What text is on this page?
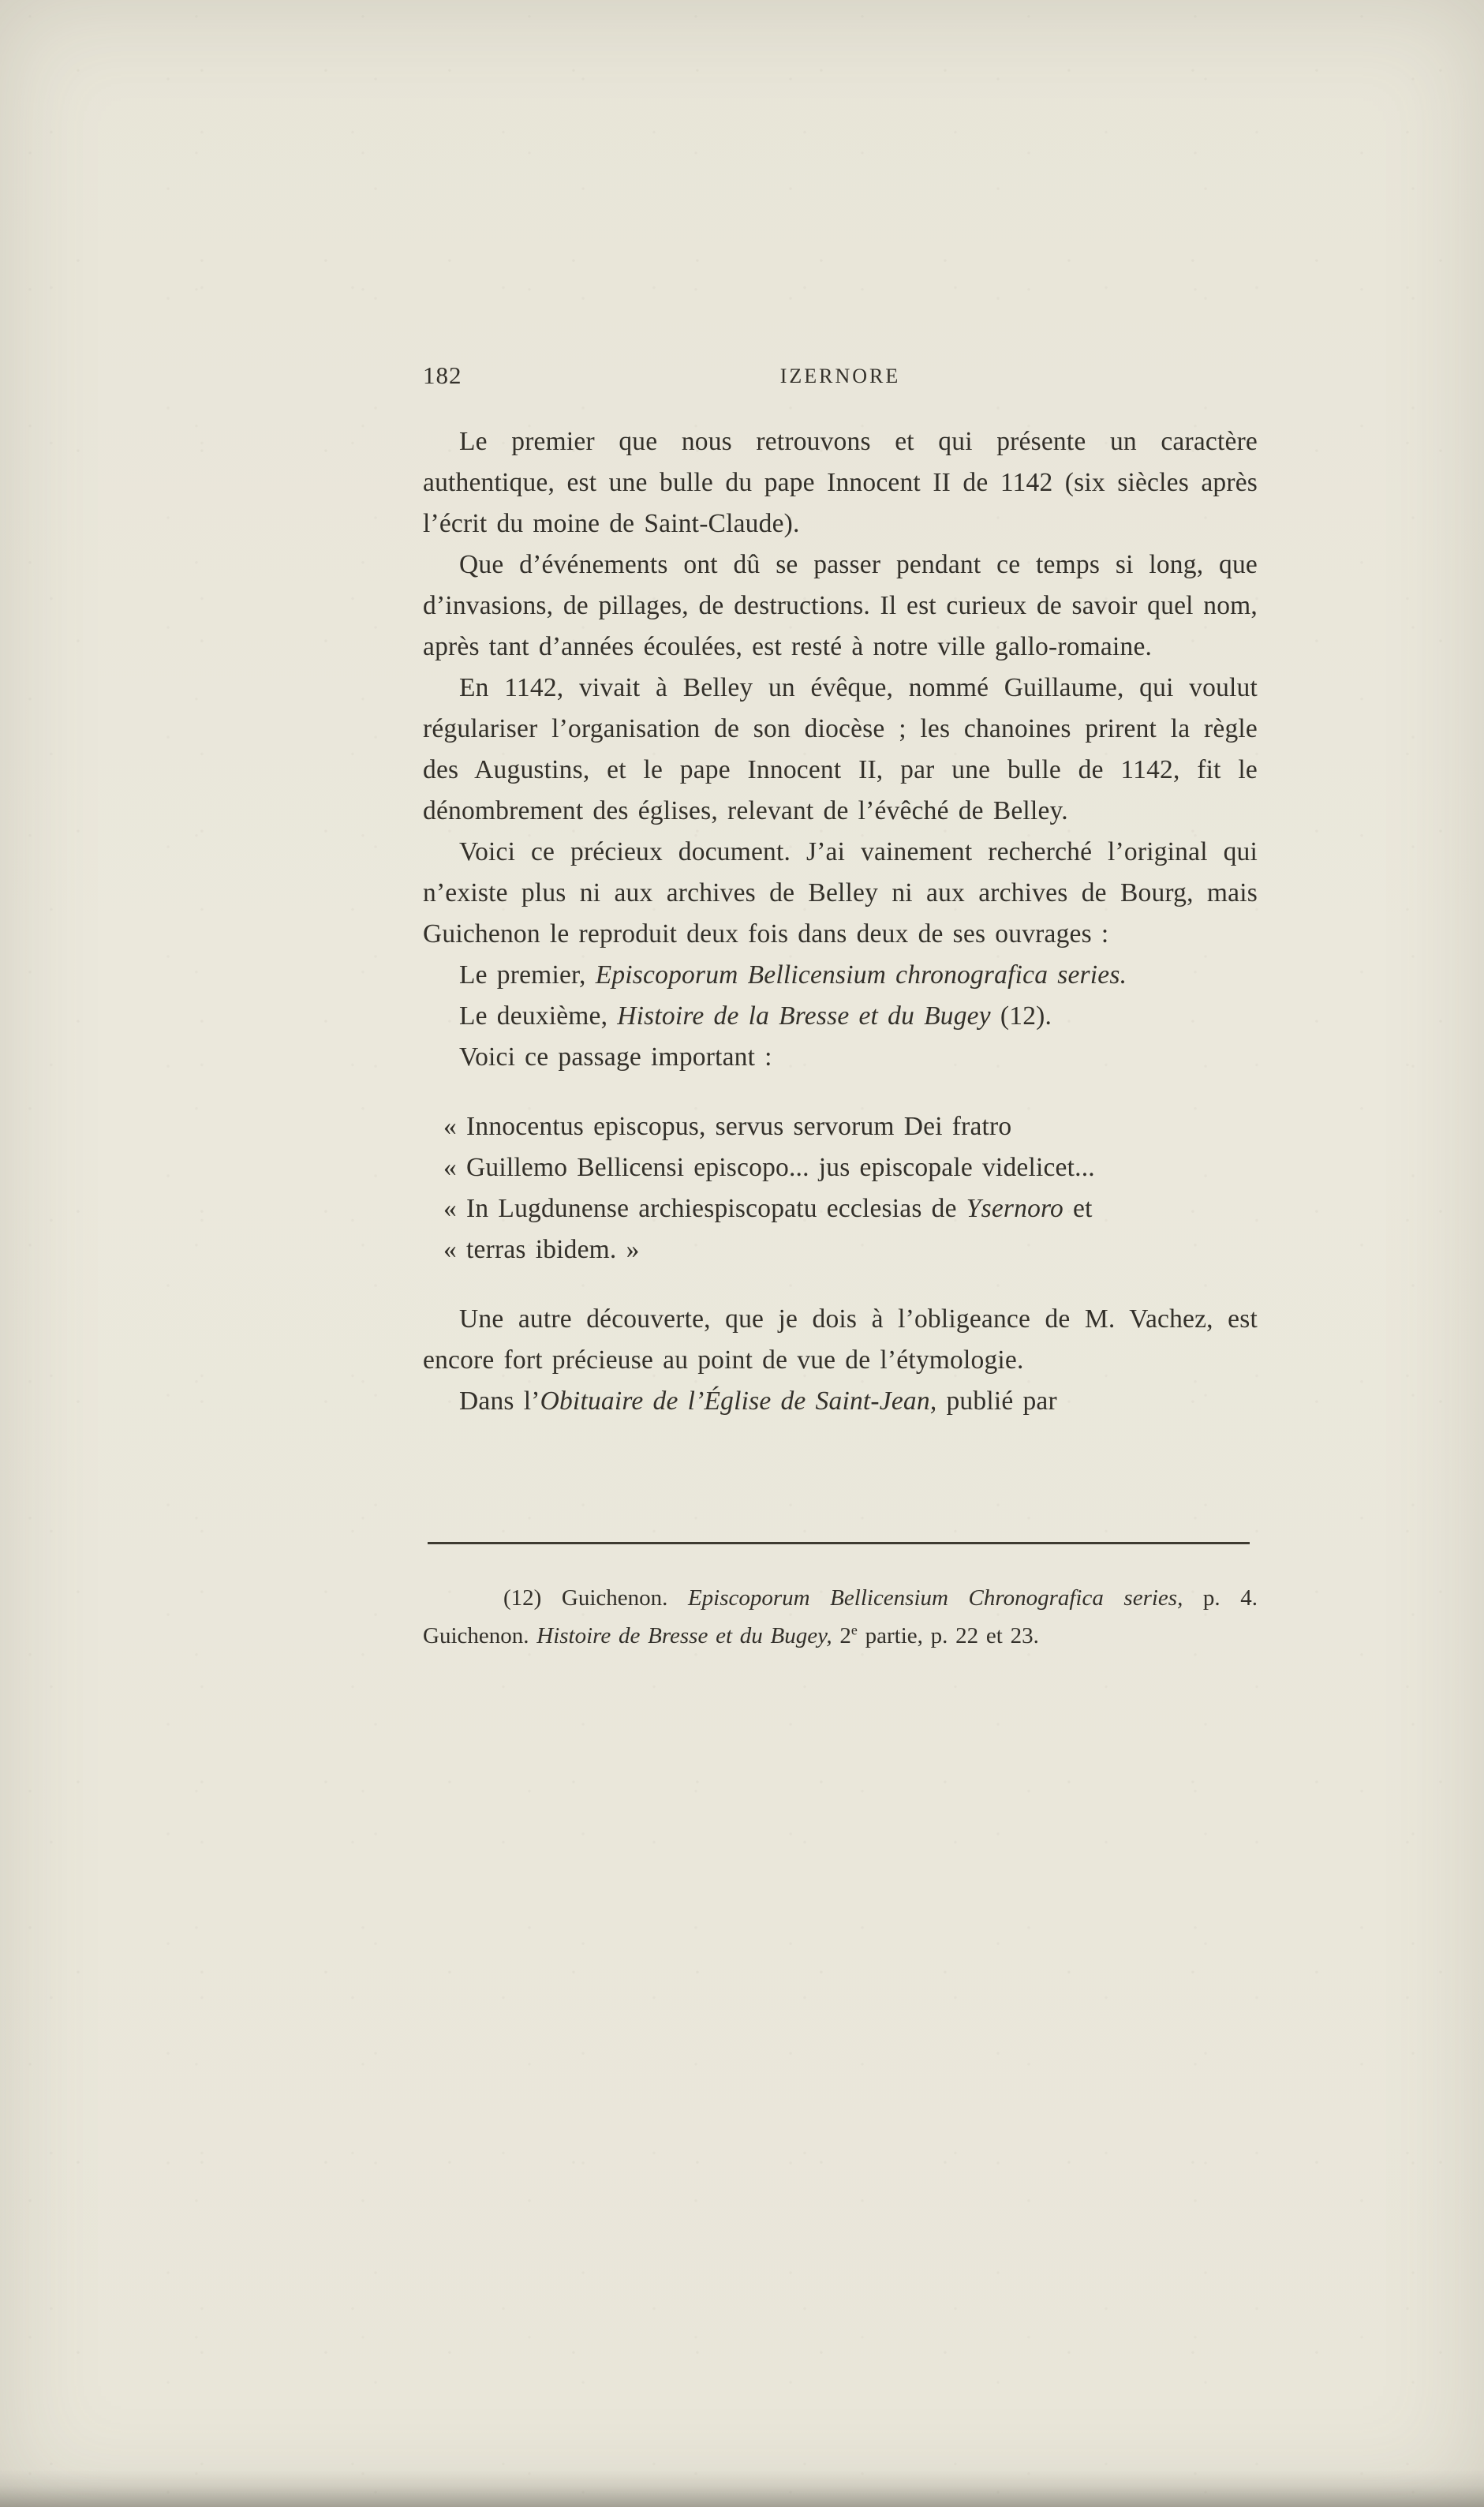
182	IZERNORE

Le premier que nous retrouvons et qui présente un caractère authentique, est une bulle du pape Innocent II de 1142 (six siècles après l’écrit du moine de Saint-Claude).

Que d’événements ont dû se passer pendant ce temps si long, que d’invasions, de pillages, de destructions. Il est curieux de savoir quel nom, après tant d’années écoulées, est resté à notre ville gallo-romaine.

En 1142, vivait à Belley un évêque, nommé Guillaume, qui voulut régulariser l’organisation de son diocèse ; les chanoines prirent la règle des Augustins, et le pape Innocent II, par une bulle de 1142, fit le dénombrement des églises, relevant de l’évêché de Belley.

Voici ce précieux document. J’ai vainement recherché l’original qui n’existe plus ni aux archives de Belley ni aux archives de Bourg, mais Guichenon le reproduit deux fois dans deux de ses ouvrages :

Le premier, Episcoporum Bellicensium chronografica series.

Le deuxième, Histoire de la Bresse et du Bugey (12).

Voici ce passage important :

« Innocentus episcopus, servus servorum Dei fratro
« Guillemo Bellicensi episcopo... jus episcopale videlicet...
« In Lugdunense archiespiscopatu ecclesias de Ysernoro et
« terras ibidem. »

Une autre découverte, que je dois à l’obligeance de M. Vachez, est encore fort précieuse au point de vue de l’étymologie.

Dans l’Obituaire de l’Église de Saint-Jean, publié par

(12) Guichenon. Episcoporum Bellicensium Chronografica series, p. 4. Guichenon. Histoire de Bresse et du Bugey, 2e partie, p. 22 et 23.
